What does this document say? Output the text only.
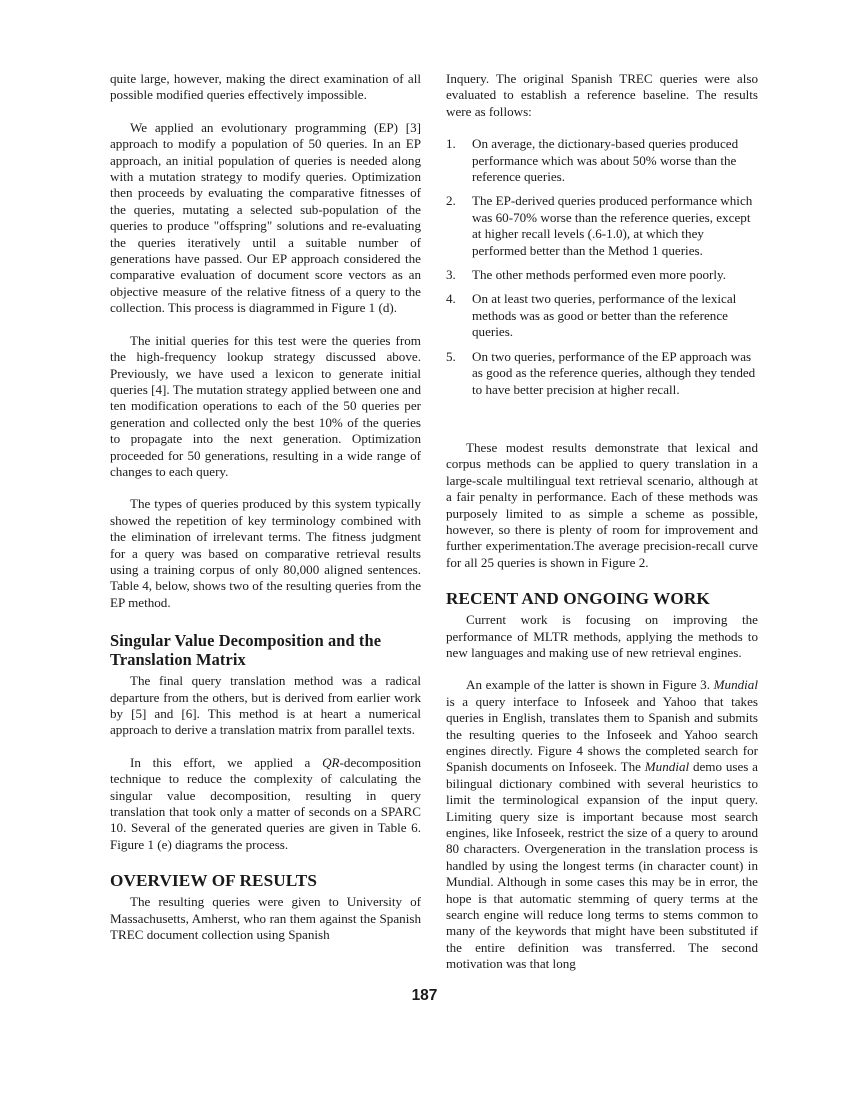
quite large, however, making the direct examination of all possible modified queries effectively impossible.

We applied an evolutionary programming (EP) [3] approach to modify a population of 50 queries. In an EP approach, an initial population of queries is needed along with a mutation strategy to modify queries. Optimization then proceeds by evaluating the comparative fitnesses of the queries, mutating a selected sub-population of the queries to produce "offspring" solutions and re-evaluating the queries iteratively until a suitable number of generations have passed. Our EP approach considered the comparative evaluation of document score vectors as an objective measure of the relative fitness of a query to the collection. This process is diagrammed in Figure 1 (d).

The initial queries for this test were the queries from the high-frequency lookup strategy discussed above. Previously, we have used a lexicon to generate initial queries [4]. The mutation strategy applied between one and ten modification operations to each of the 50 queries per generation and collected only the best 10% of the queries to propagate into the next generation. Optimization proceeded for 50 generations, resulting in a wide range of changes to each query.

The types of queries produced by this system typically showed the repetition of key terminology combined with the elimination of irrelevant terms. The fitness judgment for a query was based on comparative retrieval results using a training corpus of only 80,000 aligned sentences. Table 4, below, shows two of the resulting queries from the EP method.

Singular Value Decomposition and the Translation Matrix

The final query translation method was a radical departure from the others, but is derived from earlier work by [5] and [6]. This method is at heart a numerical approach to derive a translation matrix from parallel texts.

In this effort, we applied a QR-decomposition technique to reduce the complexity of calculating the singular value decomposition, resulting in query translation that took only a matter of seconds on a SPARC 10. Several of the generated queries are given in Table 6. Figure 1 (e) diagrams the process.

OVERVIEW OF RESULTS

The resulting queries were given to University of Massachusetts, Amherst, who ran them against the Spanish TREC document collection using Spanish

Inquery. The original Spanish TREC queries were also evaluated to establish a reference baseline. The results were as follows:

1. On average, the dictionary-based queries produced performance which was about 50% worse than the reference queries.
2. The EP-derived queries produced performance which was 60-70% worse than the reference queries, except at higher recall levels (.6-1.0), at which they performed better than the Method 1 queries.
3. The other methods performed even more poorly.
4. On at least two queries, performance of the lexical methods was as good or better than the reference queries.
5. On two queries, performance of the EP approach was as good as the reference queries, although they tended to have better precision at higher recall.

These modest results demonstrate that lexical and corpus methods can be applied to query translation in a large-scale multilingual text retrieval scenario, although at a fair penalty in performance. Each of these methods was purposely limited to as simple a scheme as possible, however, so there is plenty of room for improvement and further experimentation.The average precision-recall curve for all 25 queries is shown in Figure 2.

RECENT AND ONGOING WORK

Current work is focusing on improving the performance of MLTR methods, applying the methods to new languages and making use of new retrieval engines.

An example of the latter is shown in Figure 3. Mundial is a query interface to Infoseek and Yahoo that takes queries in English, translates them to Spanish and submits the resulting queries to the Infoseek and Yahoo search engines directly. Figure 4 shows the completed search for Spanish documents on Infoseek. The Mundial demo uses a bilingual dictionary combined with several heuristics to limit the terminological expansion of the input query. Limiting query size is important because most search engines, like Infoseek, restrict the size of a query to around 80 characters. Overgeneration in the translation process is handled by using the longest terms (in character count) in Mundial. Although in some cases this may be in error, the hope is that automatic stemming of query terms at the search engine will reduce long terms to stems common to many of the keywords that might have been substituted if the entire definition was transferred. The second motivation was that long

187
